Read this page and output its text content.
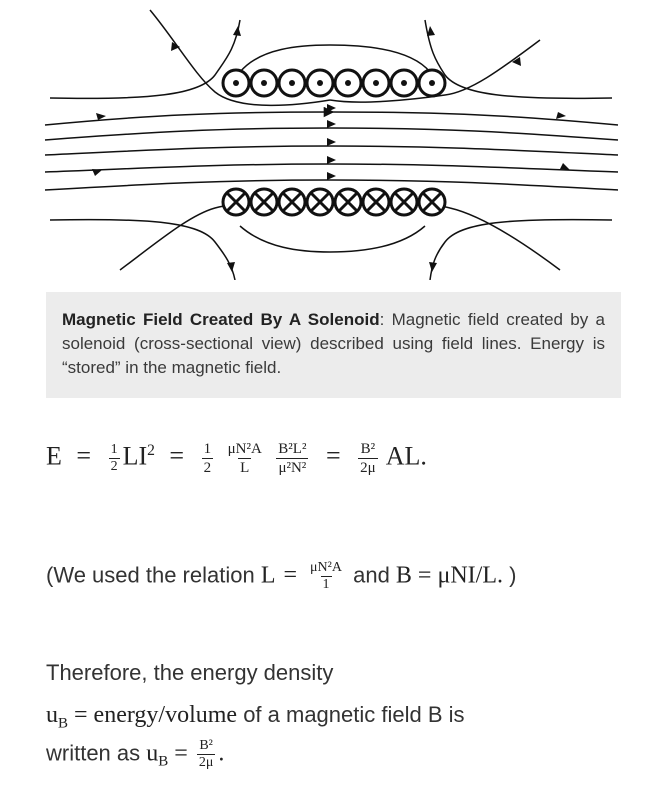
Magnetic Field Created By A Solenoid: Magnetic field created by a solenoid (cross-sectional view) described using field lines. Energy is “stored” in the magnetic field.
$E = \frac{1}{2} LI^2 = \frac{1}{2}$
$\frac{\text{μN²A}}{L}$
$\frac{\text{B²L²}}{\text{μ²N²}} = \frac{\text{B²}}{2\mu}$ AL.
(We used the relation $L = \frac{\text{μN²A}}{1}$ and B = μNI/L. )
Therefore, the energy density
$u_B$ = energy/volume of a magnetic field B is
written as $u_B = \frac{\text{B²}}{2\mu}$ .
